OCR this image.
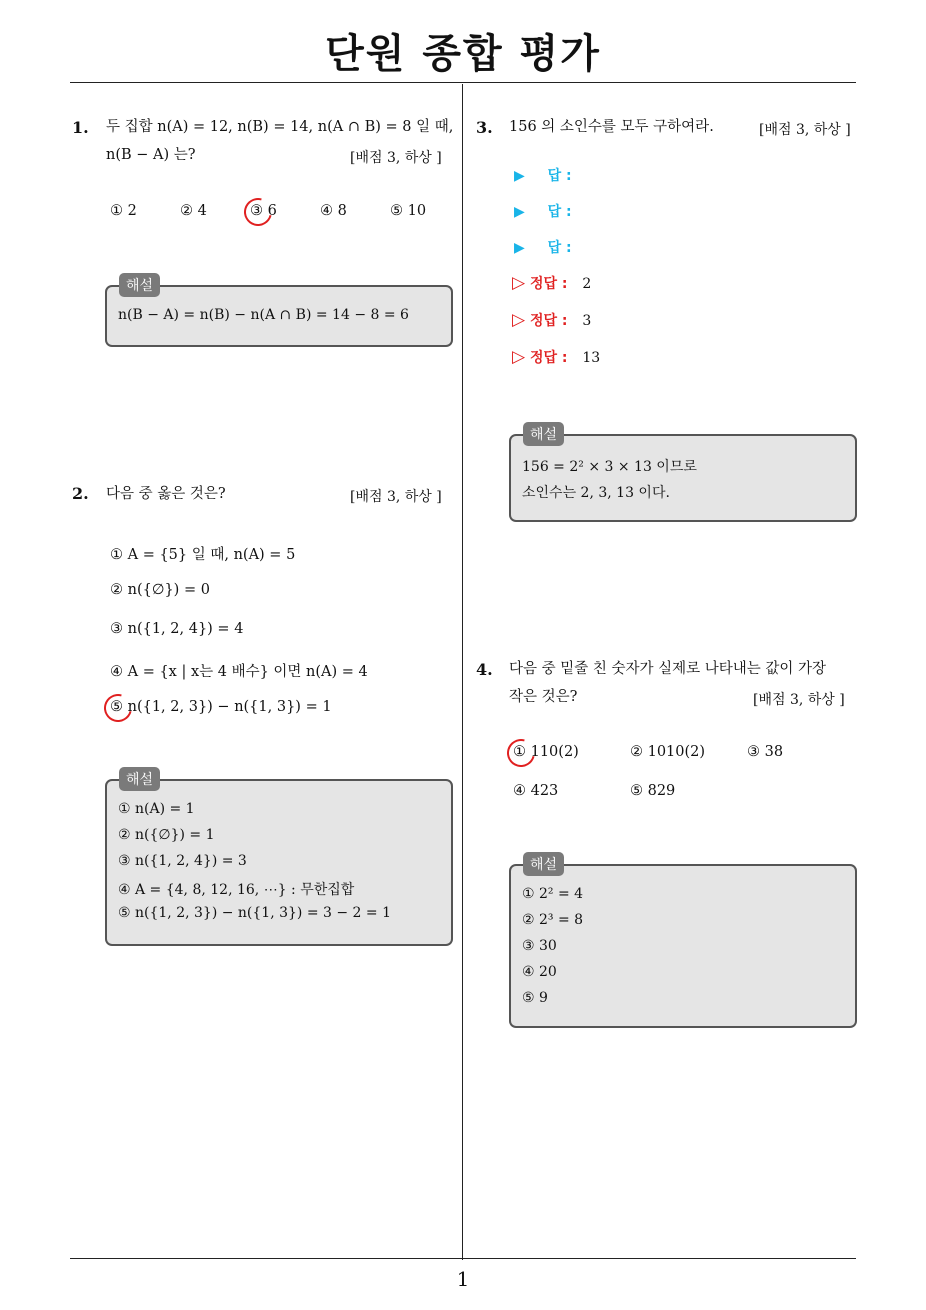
단원 종합 평가
1. 두 집합 n(A) = 12, n(B) = 14, n(A ∩ B) = 8 일 때,
n(B − A) 는?	[배점 3, 하상 ]
① 2	② 4	③ 6	④ 8	⑤ 10
해설
n(B − A) = n(B) − n(A ∩ B) = 14 − 8 = 6
2. 다음 중 옳은 것은?	[배점 3, 하상 ]
① A = {5} 일 때, n(A) = 5
② n({∅}) = 0
③ n({1, 2, 4}) = 4
④ A = {x | x는 4 배수} 이면 n(A) = 4
⑤ n({1, 2, 3}) − n({1, 3}) = 1
해설
① n(A) = 1
② n({∅}) = 1
③ n({1, 2, 4}) = 3
④ A = {4, 8, 12, 16, ⋯} : 무한집합
⑤ n({1, 2, 3}) − n({1, 3}) = 3 − 2 = 1
3. 156 의 소인수를 모두 구하여라.	[배점 3, 하상 ]
▶ 답 :
▶ 답 :
▶ 답 :
▷ 정답 : 2
▷ 정답 : 3
▷ 정답 : 13
해설
156 = 2² × 3 × 13 이므로
소인수는 2, 3, 13 이다.
4. 다음 중 밑줄 친 숫자가 실제로 나타내는 값이 가장
작은 것은?	[배점 3, 하상 ]
① 110(2)	② 1010(2)	③ 38
④ 423	⑤ 829
해설
① 2² = 4
② 2³ = 8
③ 30
④ 20
⑤ 9
1
